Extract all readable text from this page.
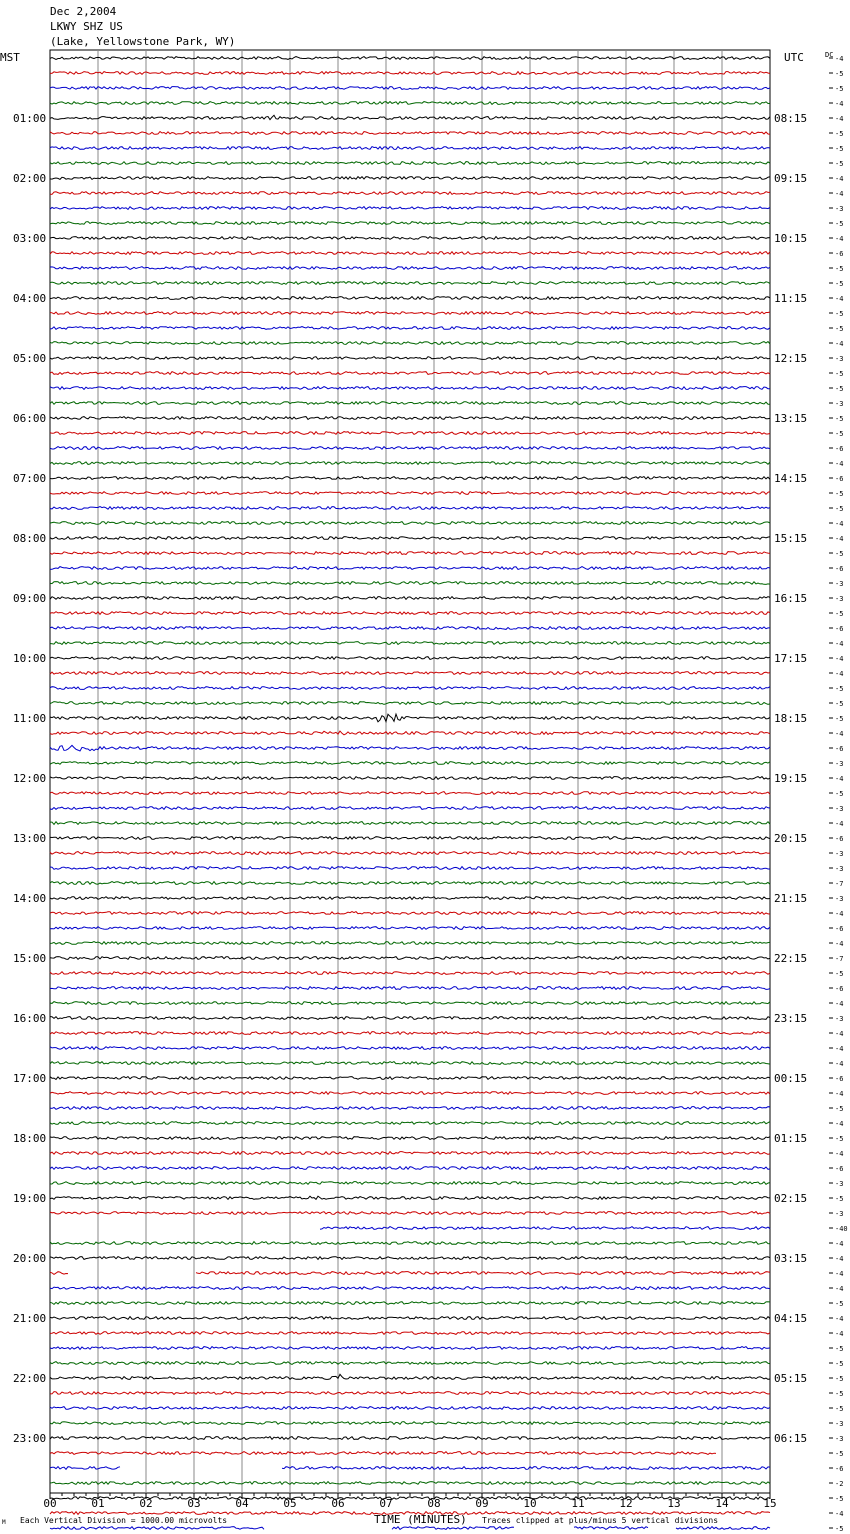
Dec 2,2004
LKWY SHZ US
(Lake, Yellowstone Park, WY)
00	01	02	03	04	05	06	07	08	09	10	11	12	13	14	15
-4
-5
-5
-4
-4
-5
-5
-5
-4
-4
-3
-5
-4
-6
-5
-5
-4
-5
-5
-4
-3
-5
-5
-3
-5
-5
-6
-4
-6
-5
-5
-4
-4
-5
-6
-3
-3
-5
-6
-4
-4
-4
-5
-5
-5
-4
-6
-3
-4
-5
-3
-4
-6
-3
-3
-7
-3
-4
-6
-4
-7
-5
-6
-4
-3
-4
-4
-4
-6
-4
-5
-4
-5
-4
-6
-3
-5
-3
-40
-4
-4
-4
-4
-5
-4
-4
-5
-5
-5
-5
-5
-3
-3
-5
-6
-2
-5
-4
-5
01:00	08:15
02:00	09:15
03:00	10:15
04:00	11:15
05:00	12:15
06:00	13:15
07:00	14:15
08:00	15:15
09:00	16:15
10:00	17:15
11:00	18:15
12:00	19:15
13:00	20:15
14:00	21:15
15:00	22:15
16:00	23:15
17:00	00:15
18:00	01:15
19:00	02:15
20:00	03:15
21:00	04:15
22:00	05:15
23:00	06:15
MST	UTC	DC
M Each Vertical Division = 1000.00 microvolts	TIME (MINUTES) Traces clipped at plus/minus 5 vertical divisions
